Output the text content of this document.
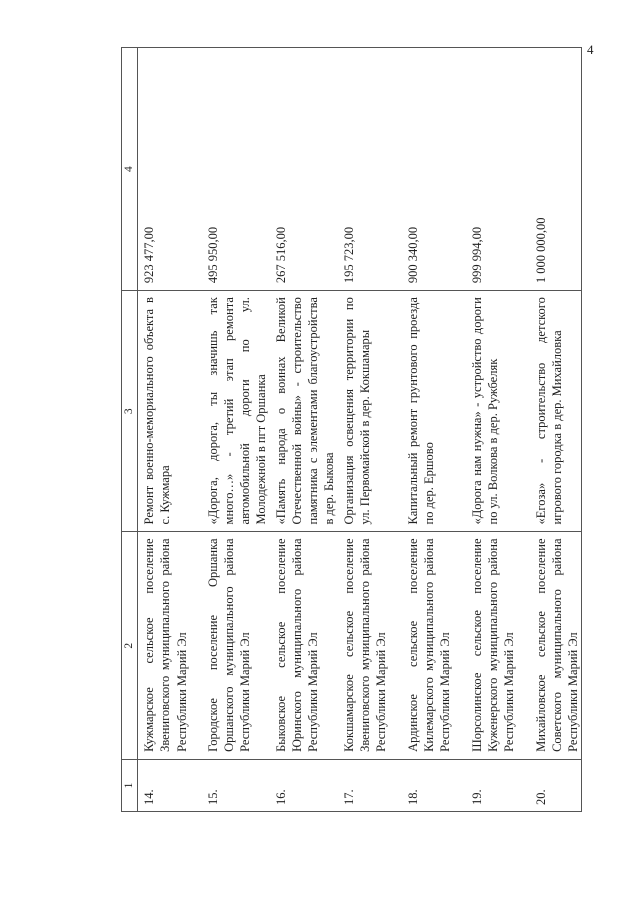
4
1	2	3	4
14.	Кужмарское сельское поселение Звениговского муниципального района Республики Марий Эл	Ремонт военно-мемориального объекта в с. Кужмара	923 477,00
15.	Городское поселение Оршанка Оршанского муниципального района Республики Марий Эл	«Дорога, дорога, ты значишь так много…» - третий этап ремонта автомобильной дороги по ул. Молодежной в пгт Оршанка	495 950,00
16.	Быковское сельское поселение Юринского муниципального района Республики Марий Эл	«Память народа о воинах Великой Отечественной войны» - строительство памятника с элементами благоустройства в дер. Быкова	267 516,00
17.	Кокшамарское сельское поселение Звениговского муниципального района Республики Марий Эл	Организация освещения территории по ул. Первомайской в дер. Кокшамары	195 723,00
18.	Ардинское сельское поселение Килемарского муниципального района Республики Марий Эл	Капитальный ремонт грунтового проезда по дер. Ершово	900 340,00
19.	Шорсолинское сельское поселение Куженерского муниципального района Республики Марий Эл	«Дорога нам нужна» - устройство дороги по ул. Волкова в дер. Ружбеляк	999 994,00
20.	Михайловское сельское поселение Советского муниципального района Республики Марий Эл	«Егоза» - строительство детского игрового городка в дер. Михайловка	1 000 000,00
